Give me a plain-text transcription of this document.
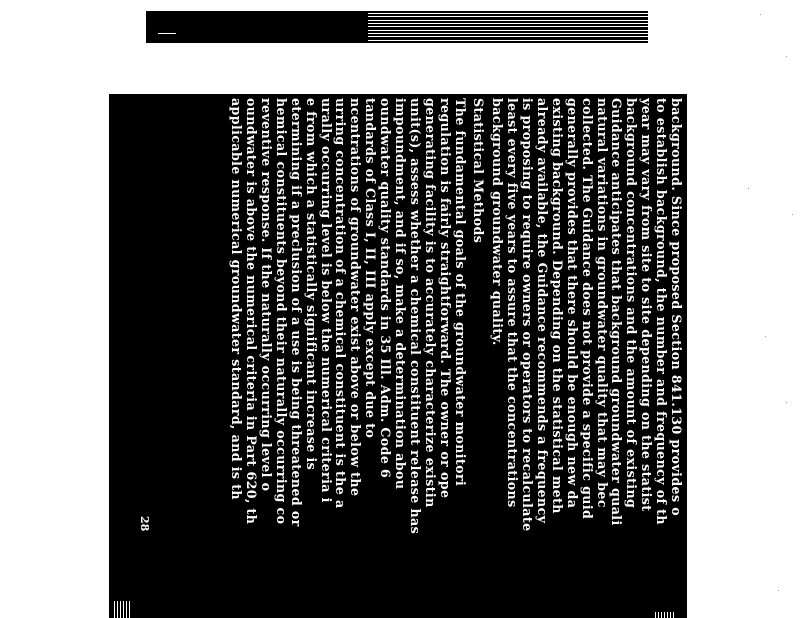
background. Since proposed Section 841.130 provides o
to establish background, the number and frequency of th
year may vary from site to site depending on the statist
background concentrations and the amount of existing
Guidance anticipates that background groundwater quali
natural variations in groundwater quality that may bec
collected. The Guidance does not provide a specific guid
generally provides that there should be enough new da
existing background. Depending on the statistical meth
already available, the Guidance recommends a frequency
is proposing to require owners or operators to recalculate
least every five years to assure that the concentrations
background groundwater quality.
Statistical Methods
The fundamental goals of the groundwater monitori
regulation is fairly straightforward. The owner or ope
generating facility is to accurately characterize existin
unit(s), assess whether a chemical constituent release has
impoundment, and if so, make a determination abou
oundwater quality standards in 35 Ill. Adm. Code 6
tandards of Class I, II, III apply except due to
ncentrations of groundwater exist above or below the
urring concentration of a chemical constituent is the a
urally occurring level is below the numerical criteria i
e from which a statistically significant increase is
etermining if a preclusion of a use is being threatened or
hemical constituents beyond their naturally occurring co
reventive response. If the naturally occurring level o
oundwater is above the numerical criteria in Part 620, th
applicable numerical groundwater standard, and is th
28
